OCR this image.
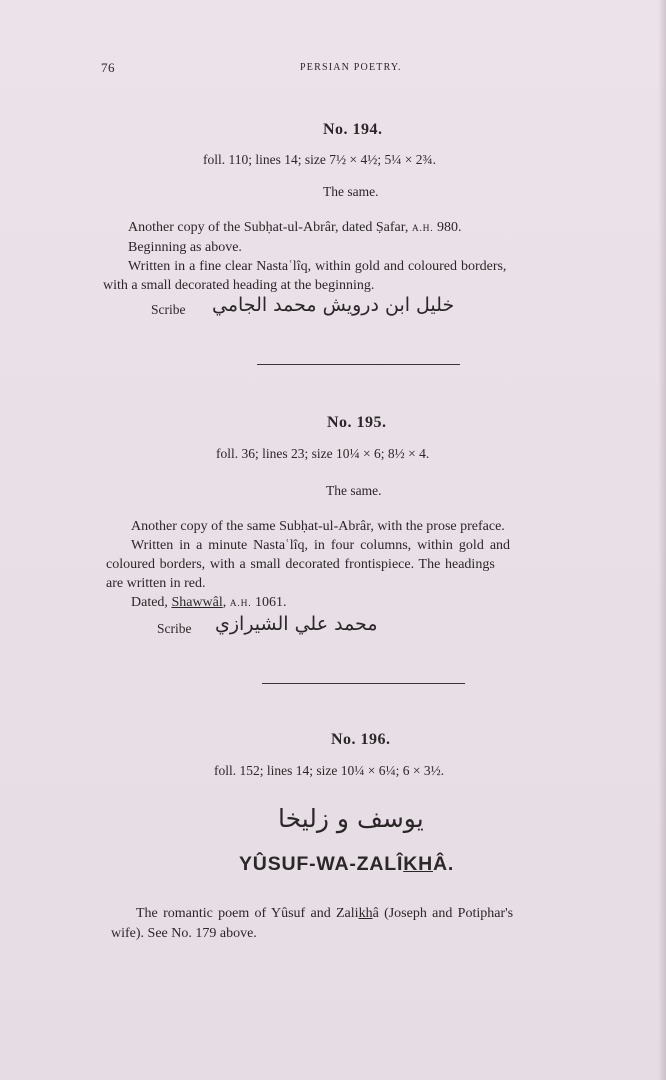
76	PERSIAN POETRY.
No. 194.
foll. 110; lines 14; size 7½ × 4½; 5¼ × 2¾.
The same.
Another copy of the Subḥat-ul-Abrâr, dated Ṣafar, A.H. 980.
Beginning as above.
Written in a fine clear Nastaʿlîq, within gold and coloured borders,
with a small decorated heading at the beginning.
Scribe خليل ابن درويش محمد الجامي
No. 195.
foll. 36; lines 23; size 10¼ × 6; 8½ × 4.
The same.
Another copy of the same Subḥat-ul-Abrâr, with the prose preface.
Written in a minute Nastaʿlîq, in four columns, within gold and
coloured borders, with a small decorated frontispiece. The headings
are written in red.
Dated, Shawwâl, A.H. 1061.
Scribe محمد علي الشيرازي
No. 196.
foll. 152; lines 14; size 10¼ × 6¼; 6 × 3½.
يوسف و زليخا
YÛSUF-WA-ZALÎKHÂ.
The romantic poem of Yûsuf and Zalikhâ (Joseph and Potiphar's
wife). See No. 179 above.
